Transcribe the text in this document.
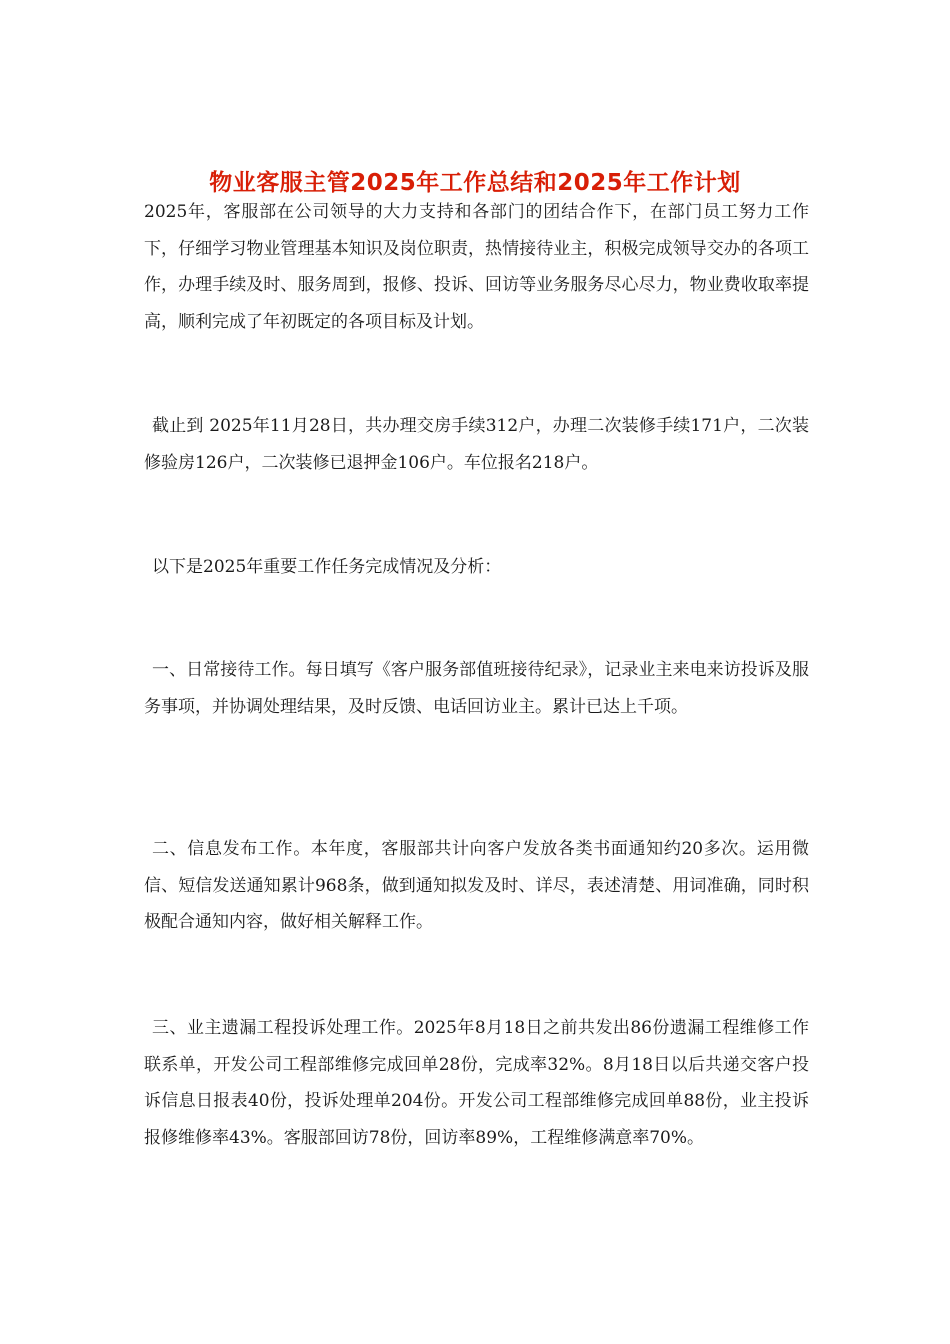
物业客服主管2025年工作总结和2025年工作计划

2025年，客服部在公司领导的大力支持和各部门的团结合作下，在部门员工努力工作下，仔细学习物业管理基本知识及岗位职责，热情接待业主，积极完成领导交办的各项工作，办理手续及时、服务周到，报修、投诉、回访等业务服务尽心尽力，物业费收取率提高，顺利完成了年初既定的各项目标及计划。

截止到 2025年11月28日，共办理交房手续312户，办理二次装修手续171户，二次装修验房126户，二次装修已退押金106户。车位报名218户。

以下是2025年重要工作任务完成情况及分析：

一、日常接待工作。每日填写《客户服务部值班接待纪录》，记录业主来电来访投诉及服务事项，并协调处理结果，及时反馈、电话回访业主。累计已达上千项。

二、信息发布工作。本年度，客服部共计向客户发放各类书面通知约20多次。运用微信、短信发送通知累计968条，做到通知拟发及时、详尽，表述清楚、用词准确，同时积极配合通知内容，做好相关解释工作。

三、业主遗漏工程投诉处理工作。2025年8月18日之前共发出86份遗漏工程维修工作联系单，开发公司工程部维修完成回单28份，完成率32%。8月18日以后共递交客户投诉信息日报表40份，投诉处理单204份。开发公司工程部维修完成回单88份，业主投诉报修维修率43%。客服部回访78份，回访率89%，工程维修满意率70%。
